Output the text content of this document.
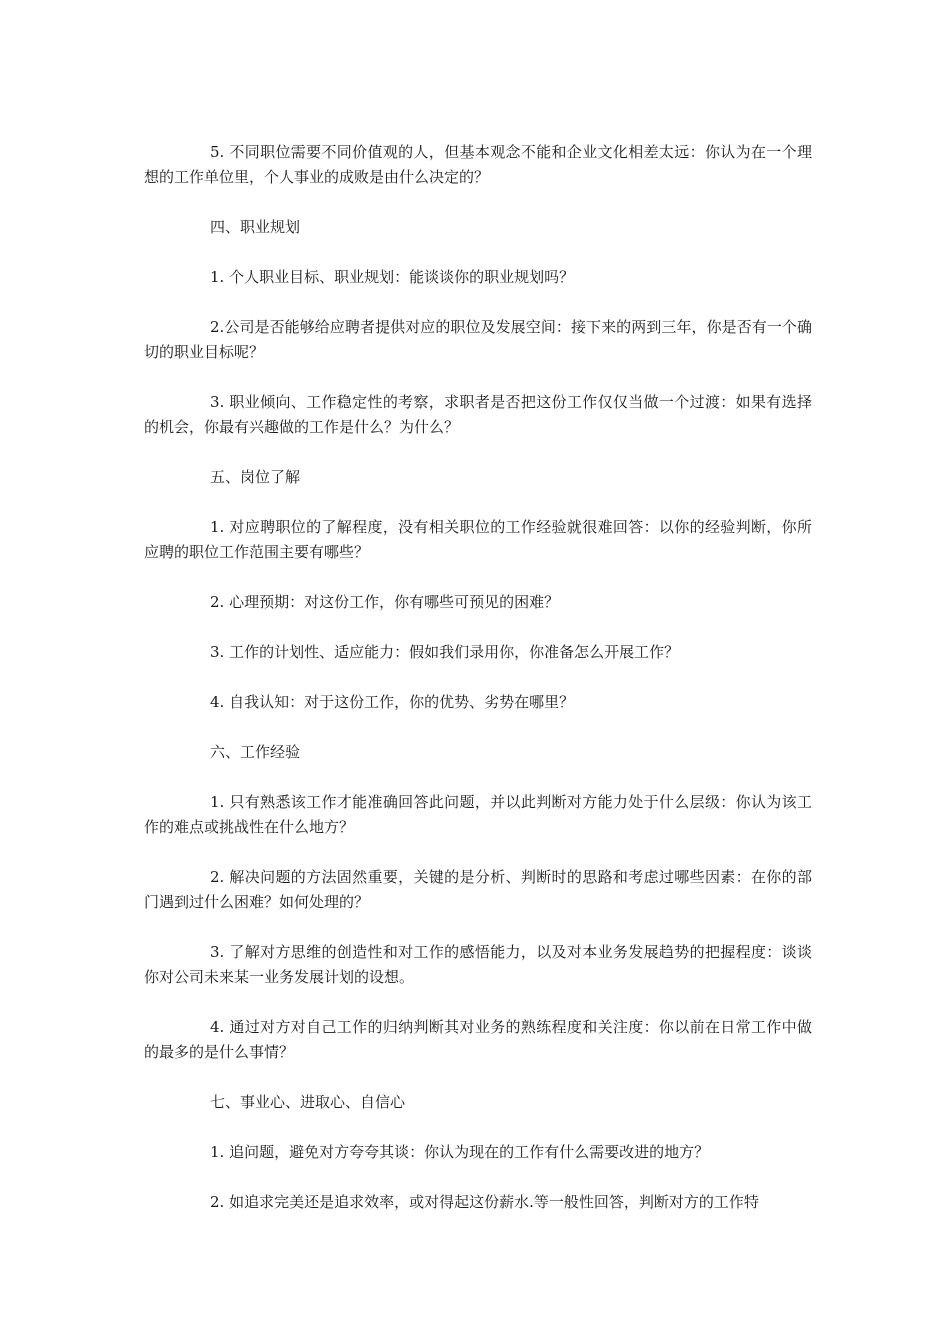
5. 不同职位需要不同价值观的人，但基本观念不能和企业文化相差太远：你认为在一个理想的工作单位里，个人事业的成败是由什么决定的？

四、职业规划

1. 个人职业目标、职业规划：能谈谈你的职业规划吗？

2.公司是否能够给应聘者提供对应的职位及发展空间：接下来的两到三年，你是否有一个确切的职业目标呢？

3. 职业倾向、工作稳定性的考察，求职者是否把这份工作仅仅当做一个过渡：如果有选择的机会，你最有兴趣做的工作是什么？为什么？

五、岗位了解

1. 对应聘职位的了解程度，没有相关职位的工作经验就很难回答：以你的经验判断，你所应聘的职位工作范围主要有哪些？

2. 心理预期：对这份工作，你有哪些可预见的困难？

3. 工作的计划性、适应能力：假如我们录用你，你准备怎么开展工作？

4. 自我认知：对于这份工作，你的优势、劣势在哪里？

六、工作经验

1. 只有熟悉该工作才能准确回答此问题，并以此判断对方能力处于什么层级：你认为该工作的难点或挑战性在什么地方？

2. 解决问题的方法固然重要，关键的是分析、判断时的思路和考虑过哪些因素：在你的部门遇到过什么困难？如何处理的？

3. 了解对方思维的创造性和对工作的感悟能力，以及对本业务发展趋势的把握程度：谈谈你对公司未来某一业务发展计划的设想。

4. 通过对方对自己工作的归纳判断其对业务的熟练程度和关注度：你以前在日常工作中做的最多的是什么事情？

七、事业心、进取心、自信心

1. 追问题，避免对方夸夸其谈：你认为现在的工作有什么需要改进的地方？

2. 如追求完美还是追求效率，或对得起这份薪水.等一般性回答，判断对方的工作特
